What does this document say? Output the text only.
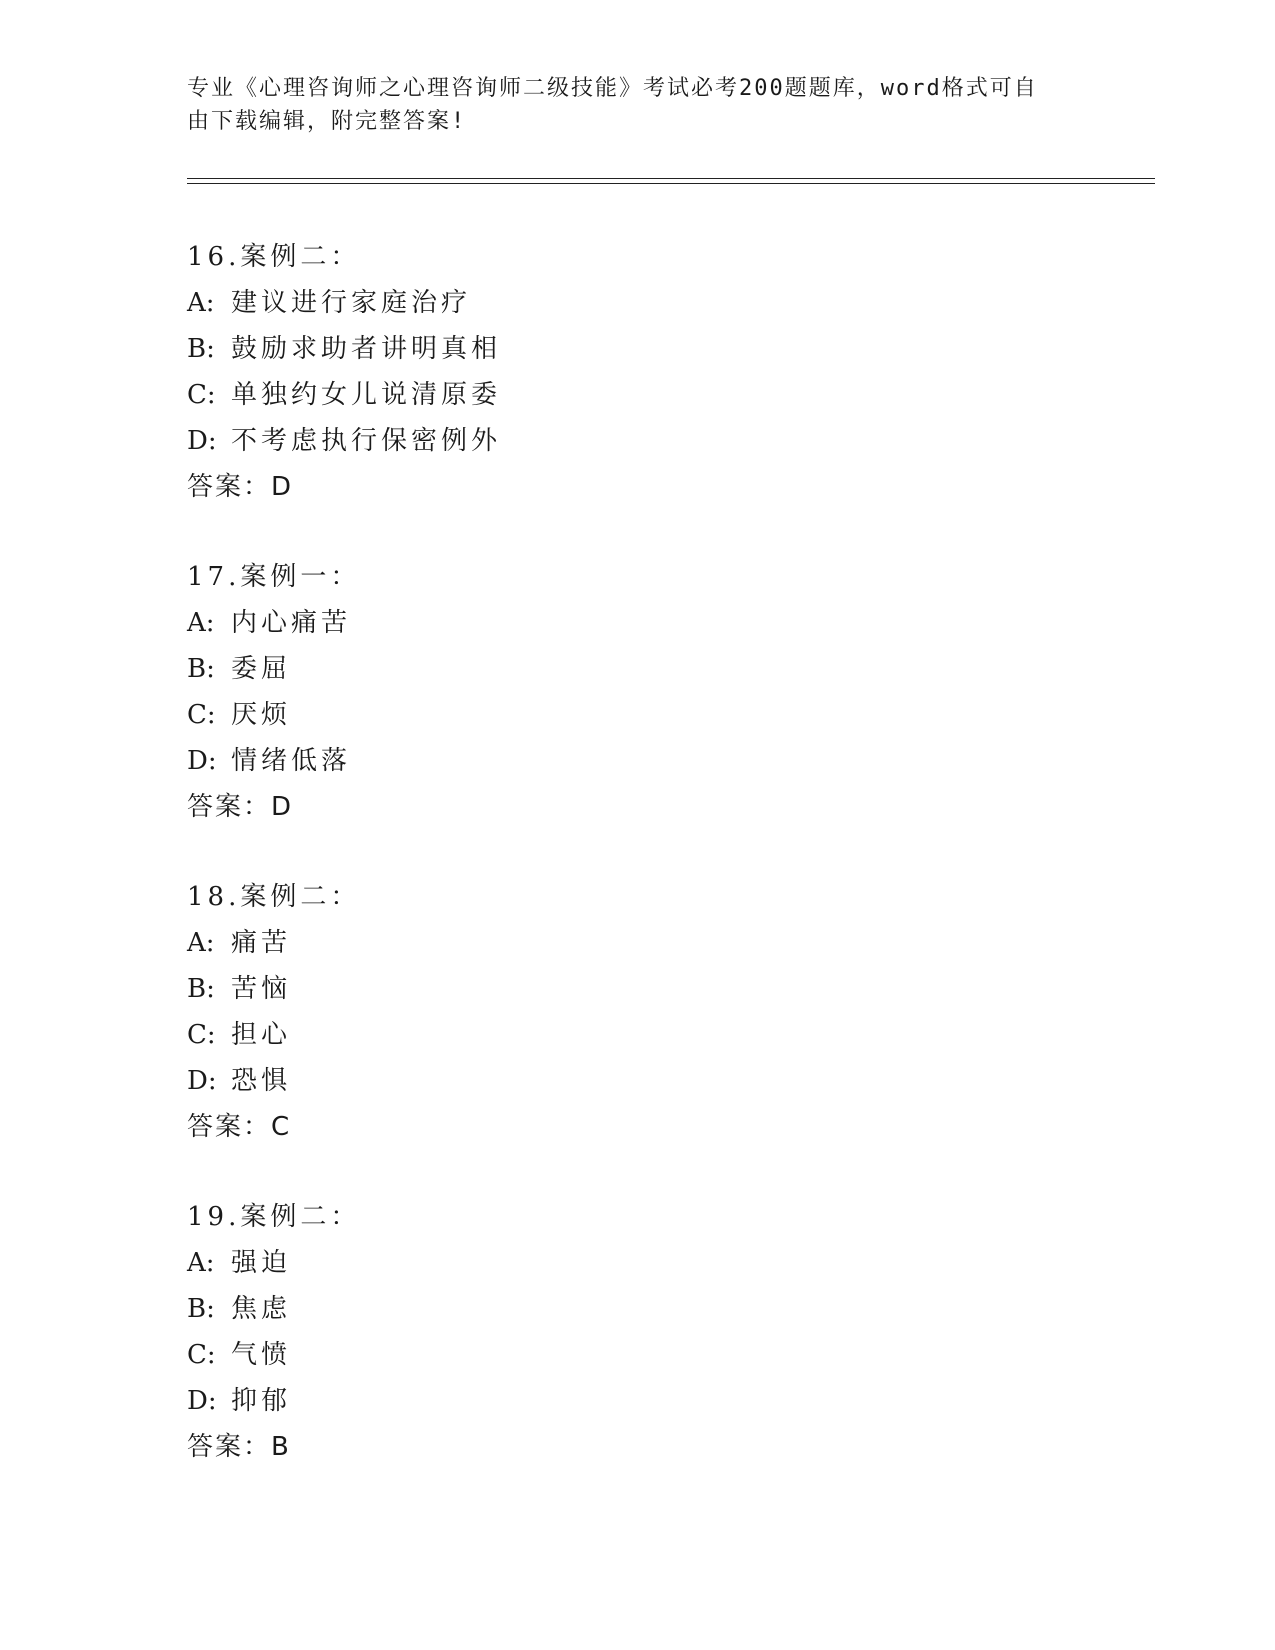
专业《心理咨询师之心理咨询师二级技能》考试必考200题题库，word格式可自
由下载编辑，附完整答案!
16.案例二：
A: 建议进行家庭治疗
B: 鼓励求助者讲明真相
C: 单独约女儿说清原委
D: 不考虑执行保密例外
答案：D
17.案例一：
A: 内心痛苦
B: 委屈
C: 厌烦
D: 情绪低落
答案：D
18.案例二：
A: 痛苦
B: 苦恼
C: 担心
D: 恐惧
答案：C
19.案例二：
A: 强迫
B: 焦虑
C: 气愤
D: 抑郁
答案：B
